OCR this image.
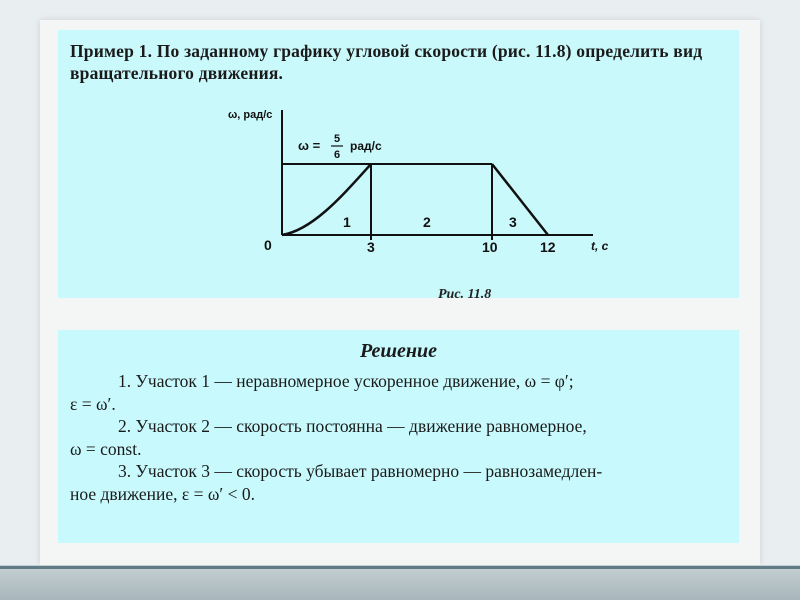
Пример 1. По заданному графику угловой скорости (рис. 11.8) определить вид вращательного движения.
ω, рад/с
ω = 5
6
рад/с
1	2	3
0	3	10	12	t, c
Рис. 11.8
Решение

1. Участок 1 — неравномерное ускоренное движение, ω = φ′;

ε = ω′.

2. Участок 2 — скорость постоянна — движение равномерное,

ω = const.

3. Участок 3 — скорость убывает равномерно — равнозамедлен-

ное движение, ε = ω′ < 0.
